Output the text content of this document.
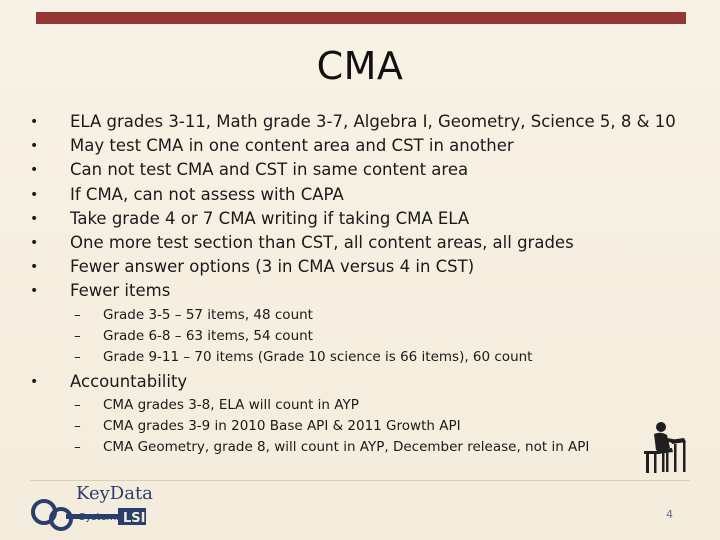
CMA
• ELA grades 3-11, Math grade 3-7, Algebra I, Geometry, Science 5, 8 & 10
• May test CMA in one content area and CST in another
• Can not test CMA and CST in same content area
• If CMA, can not assess with CAPA
• Take grade 4 or 7 CMA writing if taking CMA ELA
• One more test section than CST, all content areas, all grades
• Fewer answer options (3 in CMA versus 4 in CST)
• Fewer items
– Grade 3-5 – 57 items, 48 count
– Grade 6-8 – 63 items, 54 count
– Grade 9-11 – 70 items (Grade 10 science is 66 items), 60 count
• Accountability
– CMA grades 3-8, ELA will count in AYP
– CMA grades 3-9 in 2010 Base API & 2011 Growth API
– CMA Geometry, grade 8, will count in AYP, December release, not in API
LSI
KeyData
Systems	4
